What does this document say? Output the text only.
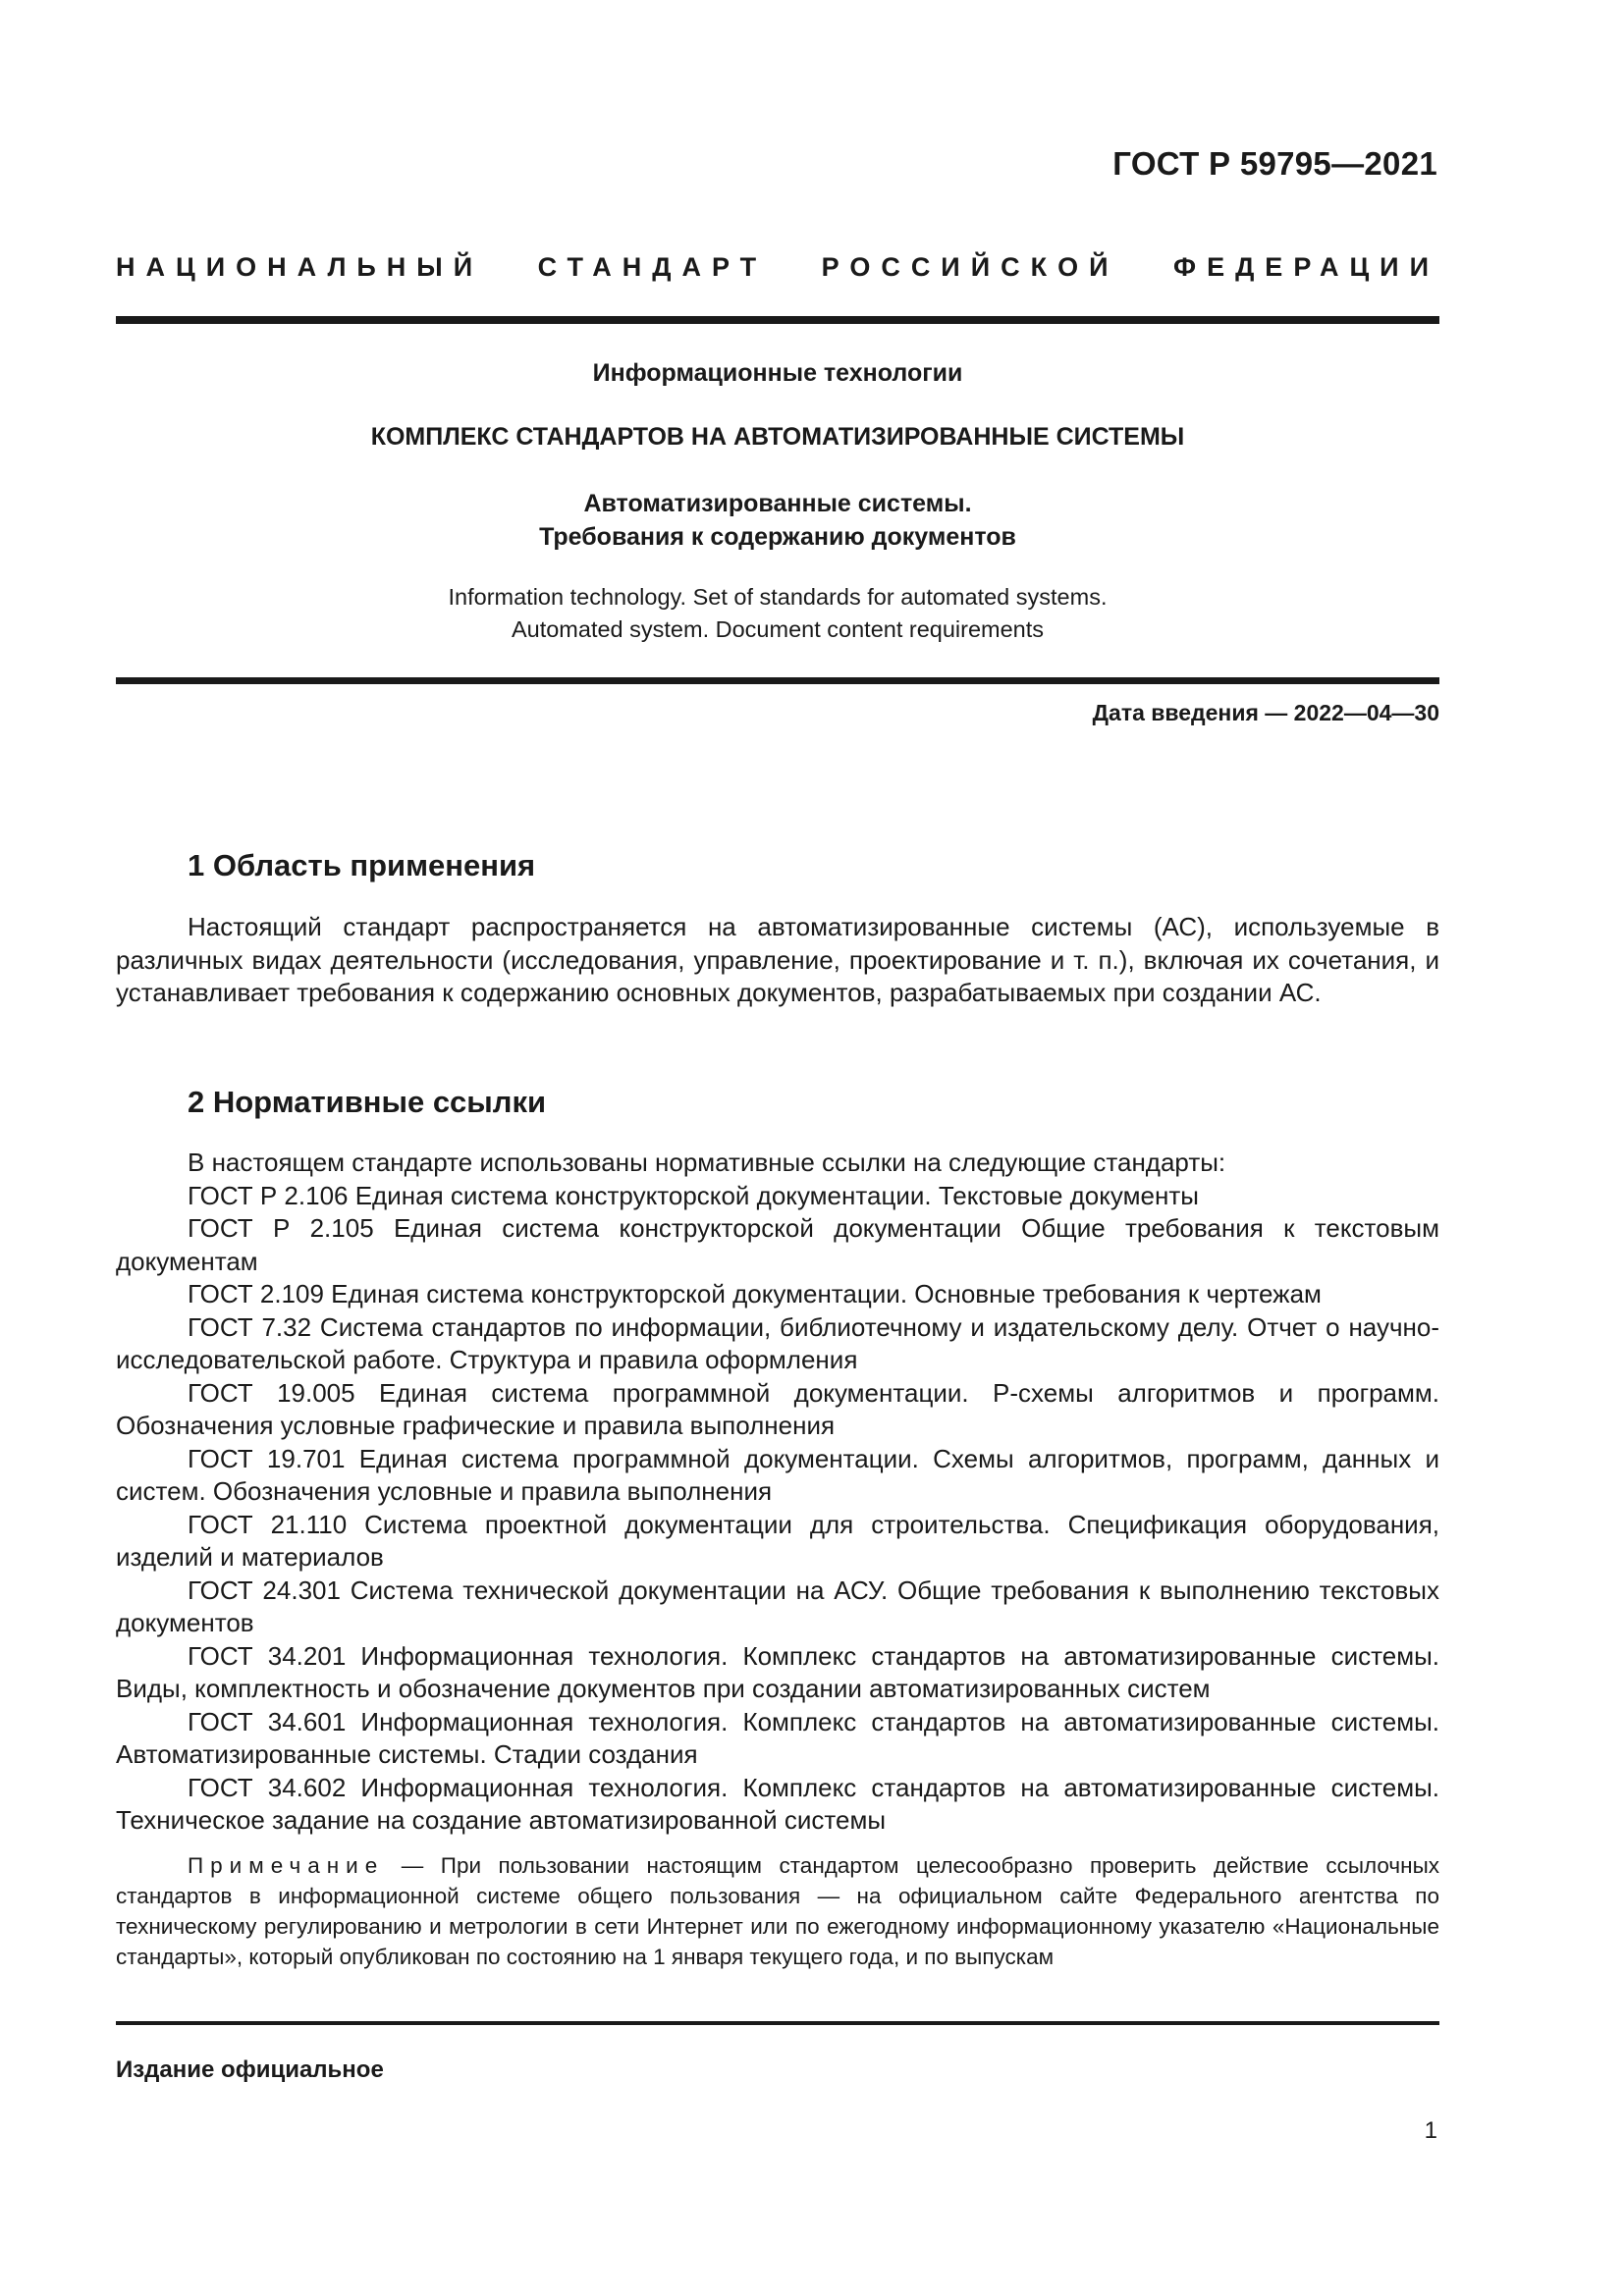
ГОСТ Р 59795—2021

НАЦИОНАЛЬНЫЙ СТАНДАРТ РОССИЙСКОЙ ФЕДЕРАЦИИ

Информационные технологии

КОМПЛЕКС СТАНДАРТОВ НА АВТОМАТИЗИРОВАННЫЕ СИСТЕМЫ

Автоматизированные системы.
Требования к содержанию документов
Information technology. Set of standards for automated systems.
Automated system. Document content requirements

Дата введения — 2022—04—30

1 Область применения

Настоящий стандарт распространяется на автоматизированные системы (АС), используемые в различных видах деятельности (исследования, управление, проектирование и т. п.), включая их сочетания, и устанавливает требования к содержанию основных документов, разрабатываемых при создании АС.

2 Нормативные ссылки
В настоящем стандарте использованы нормативные ссылки на следующие стандарты:
ГОСТ Р 2.106 Единая система конструкторской документации. Текстовые документы
ГОСТ Р 2.105 Единая система конструкторской документации Общие требования к текстовым документам
ГОСТ 2.109 Единая система конструкторской документации. Основные требования к чертежам
ГОСТ 7.32 Система стандартов по информации, библиотечному и издательскому делу. Отчет о научно-исследовательской работе. Структура и правила оформления
ГОСТ 19.005 Единая система программной документации. Р-схемы алгоритмов и программ. Обозначения условные графические и правила выполнения
ГОСТ 19.701 Единая система программной документации. Схемы алгоритмов, программ, данных и систем. Обозначения условные и правила выполнения
ГОСТ 21.110 Система проектной документации для строительства. Спецификация оборудования, изделий и материалов
ГОСТ 24.301 Система технической документации на АСУ. Общие требования к выполнению текстовых документов
ГОСТ 34.201 Информационная технология. Комплекс стандартов на автоматизированные системы. Виды, комплектность и обозначение документов при создании автоматизированных систем
ГОСТ 34.601 Информационная технология. Комплекс стандартов на автоматизированные системы. Автоматизированные системы. Стадии создания
ГОСТ 34.602 Информационная технология. Комплекс стандартов на автоматизированные системы. Техническое задание на создание автоматизированной системы

Примечание — При пользовании настоящим стандартом целесообразно проверить действие ссылочных стандартов в информационной системе общего пользования — на официальном сайте Федерального агентства по техническому регулированию и метрологии в сети Интернет или по ежегодному информационному указателю «Национальные стандарты», который опубликован по состоянию на 1 января текущего года, и по выпускам

Издание официальное

1
